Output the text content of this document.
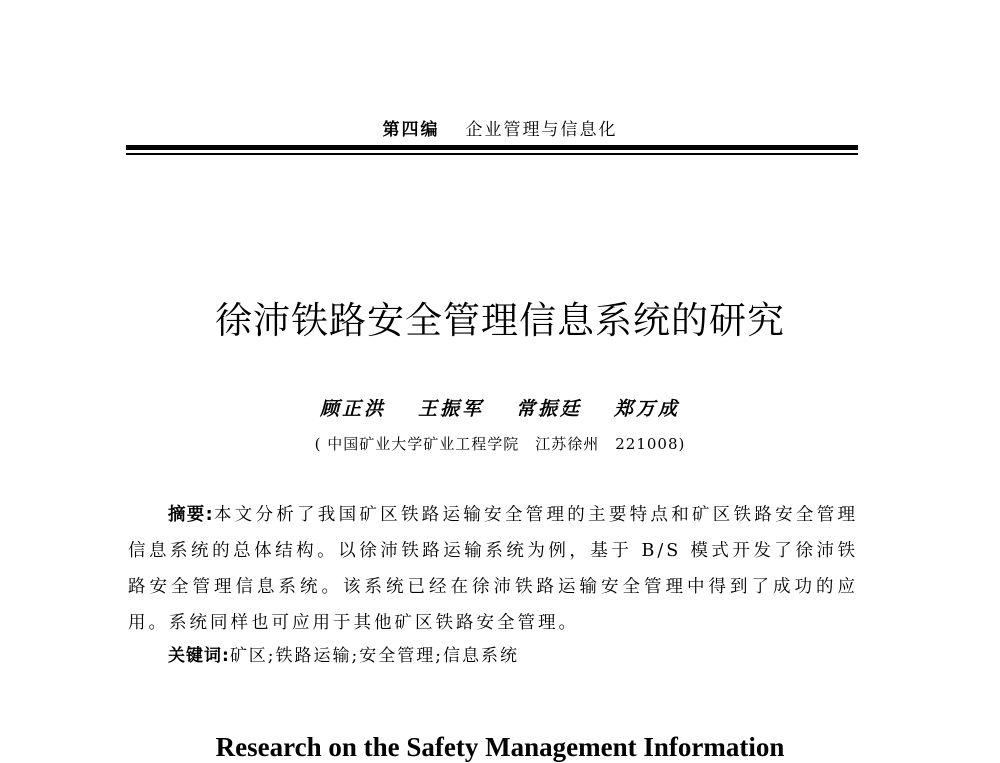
第四编 企业管理与信息化
徐沛铁路安全管理信息系统的研究
顾正洪 王振军 常振廷 郑万成
( 中国矿业大学矿业工程学院　江苏徐州　221008)
摘要:本文分析了我国矿区铁路运输安全管理的主要特点和矿区铁路安全管理信息系统的总体结构。以徐沛铁路运输系统为例，基于 B/S 模式开发了徐沛铁路安全管理信息系统。该系统已经在徐沛铁路运输安全管理中得到了成功的应用。系统同样也可应用于其他矿区铁路安全管理。
关键词:矿区;铁路运输;安全管理;信息系统
Research on the Safety Management Information
